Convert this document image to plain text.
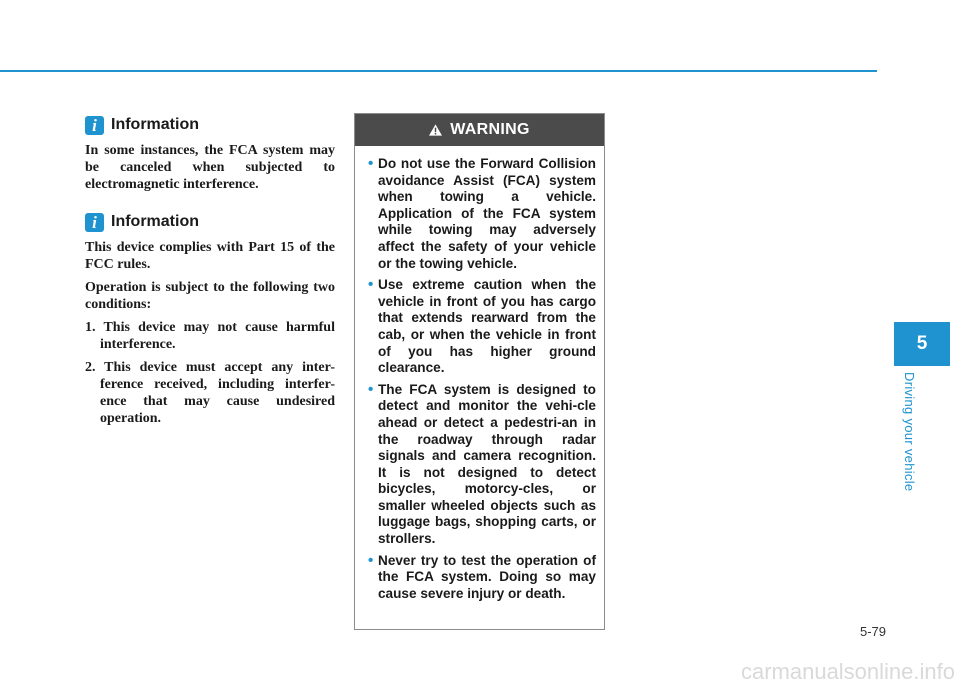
i Information

In some instances, the FCA system may be canceled when subjected to electromagnetic interference.

i Information

This device complies with Part 15 of the FCC rules.

Operation is subject to the following two conditions:

1. This device may not cause harmful interference.
2. This device must accept any inter-ference received, including interfer-ence that may cause undesired operation.
WARNING
• Do not use the Forward Collision avoidance Assist (FCA) system when towing a vehicle. Application of the FCA system while towing may adversely affect the safety of your vehicle or the towing vehicle.
• Use extreme caution when the vehicle in front of you has cargo that extends rearward from the cab, or when the vehicle in front of you has higher ground clearance.
• The FCA system is designed to detect and monitor the vehi-cle ahead or detect a pedestri-an in the roadway through radar signals and camera recognition. It is not designed to detect bicycles, motorcy-cles, or smaller wheeled objects such as luggage bags, shopping carts, or strollers.
• Never try to test the operation of the FCA system. Doing so may cause severe injury or death.
5
Driving your vehicle
5-79
carmanualsonline.info
